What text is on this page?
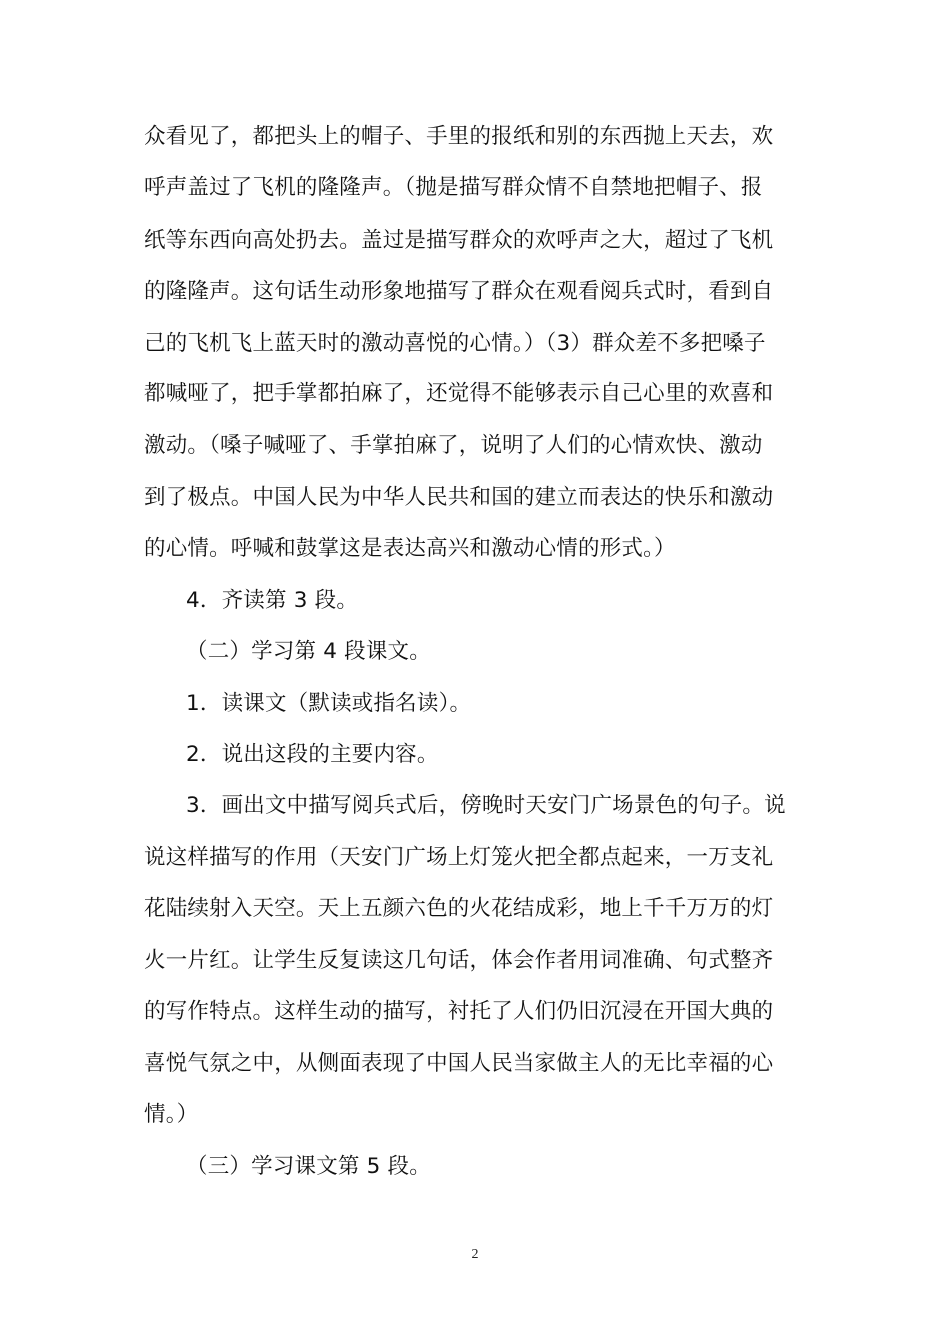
众看见了，都把头上的帽子、手里的报纸和别的东西抛上天去，欢
呼声盖过了飞机的隆隆声。（抛是描写群众情不自禁地把帽子、报
纸等东西向高处扔去。盖过是描写群众的欢呼声之大，超过了飞机
的隆隆声。这句话生动形象地描写了群众在观看阅兵式时，看到自
己的飞机飞上蓝天时的激动喜悦的心情。）（3）群众差不多把嗓子
都喊哑了，把手掌都拍麻了，还觉得不能够表示自己心里的欢喜和
激动。（嗓子喊哑了、手掌拍麻了，说明了人们的心情欢快、激动
到了极点。中国人民为中华人民共和国的建立而表达的快乐和激动
的心情。呼喊和鼓掌这是表达高兴和激动心情的形式。）
4．齐读第 3 段。
（二）学习第 4 段课文。
1．读课文（默读或指名读）。
2．说出这段的主要内容。
3．画出文中描写阅兵式后，傍晚时天安门广场景色的句子。说
说这样描写的作用（天安门广场上灯笼火把全都点起来，一万支礼
花陆续射入天空。天上五颜六色的火花结成彩，地上千千万万的灯
火一片红。让学生反复读这几句话，体会作者用词准确、句式整齐
的写作特点。这样生动的描写，衬托了人们仍旧沉浸在开国大典的
喜悦气氛之中，从侧面表现了中国人民当家做主人的无比幸福的心
情。）
（三）学习课文第 5 段。
2
